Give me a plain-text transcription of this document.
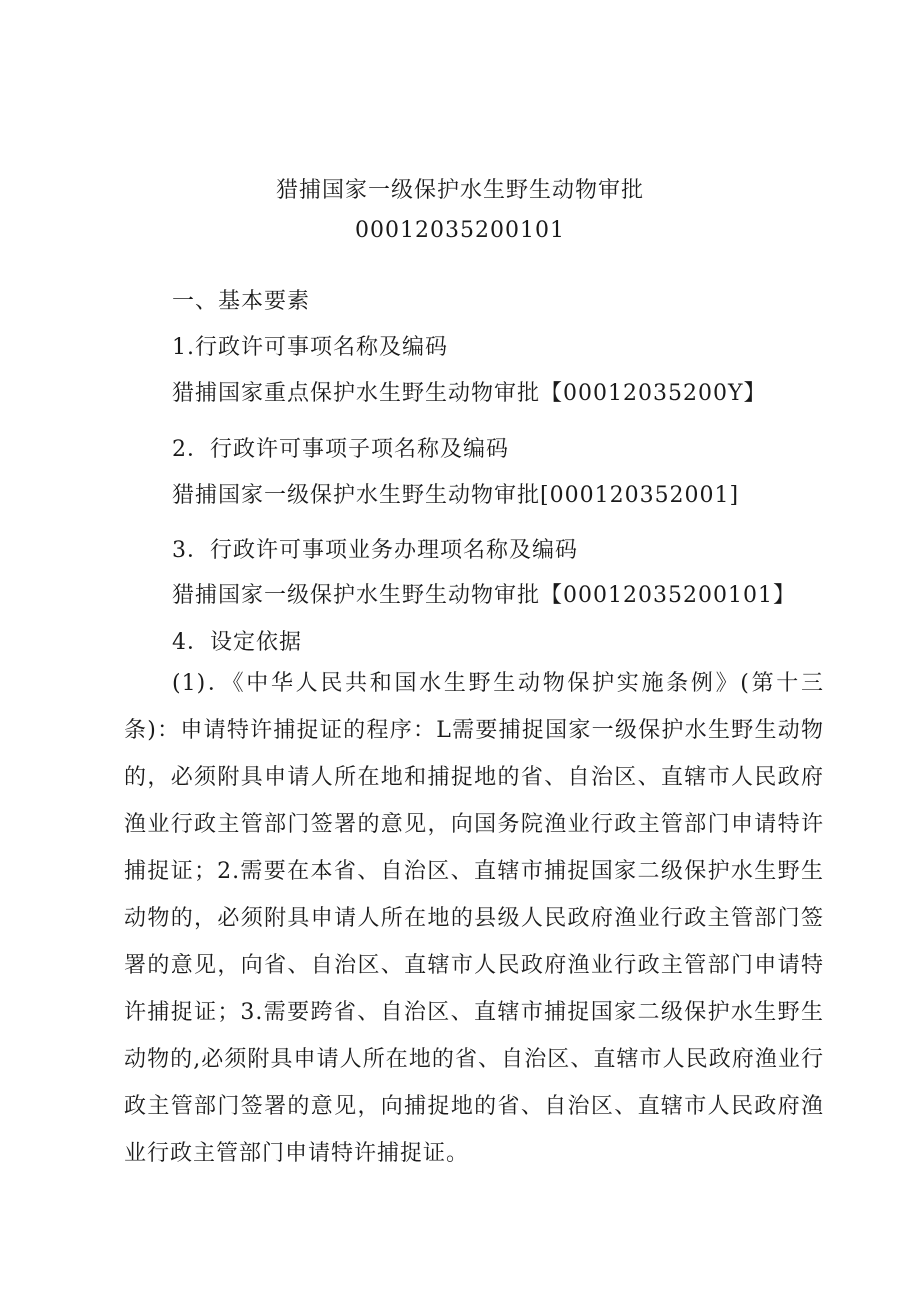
猎捕国家一级保护水生野生动物审批
00012035200101
一、基本要素
1.行政许可事项名称及编码
猎捕国家重点保护水生野生动物审批【00012035200Y】
2．行政许可事项子项名称及编码
猎捕国家一级保护水生野生动物审批[000120352001]
3．行政许可事项业务办理项名称及编码
猎捕国家一级保护水生野生动物审批【00012035200101】
4．设定依据

(1)．《中华人民共和国水生野生动物保护实施条例》(第十三条)：申请特许捕捉证的程序：L需要捕捉国家一级保护水生野生动物的，必须附具申请人所在地和捕捉地的省、自治区、直辖市人民政府渔业行政主管部门签署的意见，向国务院渔业行政主管部门申请特许捕捉证；2.需要在本省、自治区、直辖市捕捉国家二级保护水生野生动物的，必须附具申请人所在地的县级人民政府渔业行政主管部门签署的意见，向省、自治区、直辖市人民政府渔业行政主管部门申请特许捕捉证；3.需要跨省、自治区、直辖市捕捉国家二级保护水生野生动物的,必须附具申请人所在地的省、自治区、直辖市人民政府渔业行政主管部门签署的意见，向捕捉地的省、自治区、直辖市人民政府渔业行政主管部门申请特许捕捉证。
